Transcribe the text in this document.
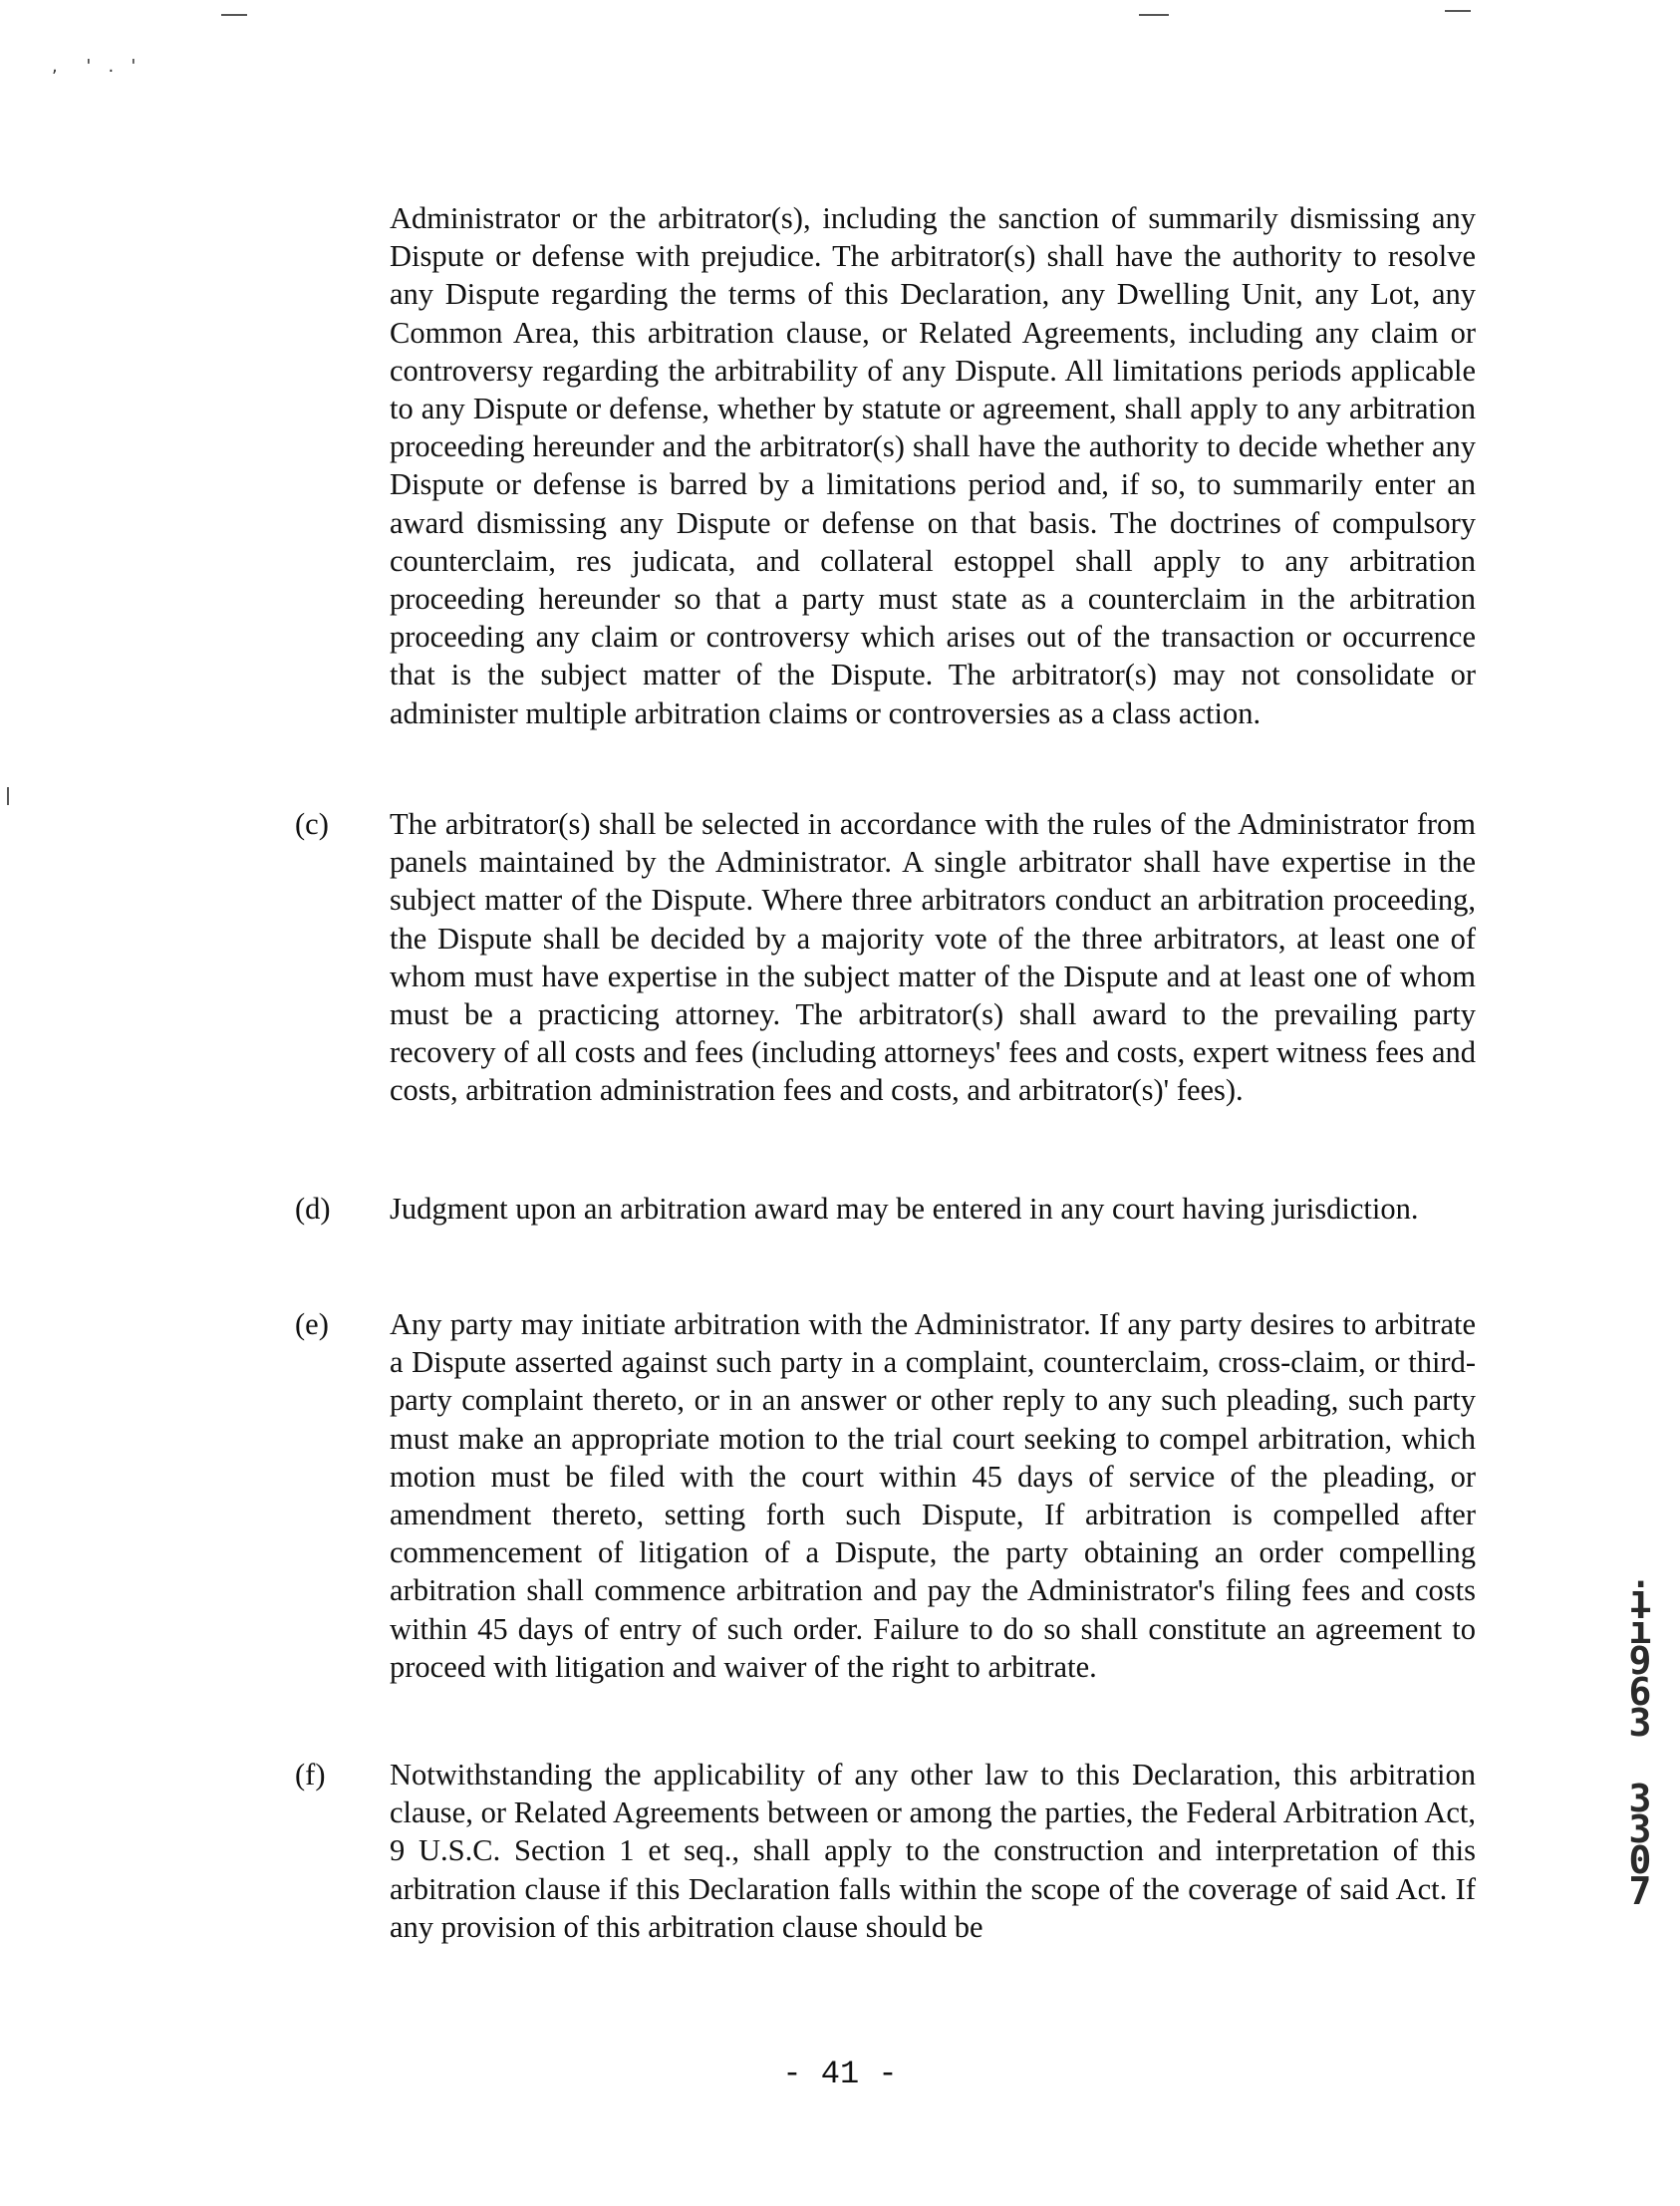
,     '   .   '
Administrator or the arbitrator(s), including the sanction of summarily dismissing any Dispute or defense with prejudice. The arbitrator(s) shall have the authority to resolve any Dispute regarding the terms of this Declaration, any Dwelling Unit, any Lot, any Common Area, this arbitration clause, or Related Agreements, including any claim or controversy regarding the arbitrability of any Dispute. All limitations periods applicable to any Dispute or defense, whether by statute or agreement, shall apply to any arbitration proceeding hereunder and the arbitrator(s) shall have the authority to decide whether any Dispute or defense is barred by a limitations period and, if so, to summarily enter an award dismissing any Dispute or defense on that basis. The doctrines of compulsory counterclaim, res judicata, and collateral estoppel shall apply to any arbitration proceeding hereunder so that a party must state as a counterclaim in the arbitration proceeding any claim or controversy which arises out of the transaction or occurrence that is the subject matter of the Dispute. The arbitrator(s) may not consolidate or administer multiple arbitration claims or controversies as a class action.
(c)	The arbitrator(s) shall be selected in accordance with the rules of the Administrator from panels maintained by the Administrator. A single arbitrator shall have expertise in the subject matter of the Dispute. Where three arbitrators conduct an arbitration proceeding, the Dispute shall be decided by a majority vote of the three arbitrators, at least one of whom must have expertise in the subject matter of the Dispute and at least one of whom must be a practicing attorney. The arbitrator(s) shall award to the prevailing party recovery of all costs and fees (including attorneys' fees and costs, expert witness fees and costs, arbitration administration fees and costs, and arbitrator(s)' fees).
(d)	Judgment upon an arbitration award may be entered in any court having jurisdiction.
(e)	Any party may initiate arbitration with the Administrator. If any party desires to arbitrate a Dispute asserted against such party in a complaint, counterclaim, cross-claim, or third-party complaint thereto, or in an answer or other reply to any such pleading, such party must make an appropriate motion to the trial court seeking to compel arbitration, which motion must be filed with the court within 45 days of service of the pleading, or amendment thereto, setting forth such Dispute, If arbitration is compelled after commencement of litigation of a Dispute, the party obtaining an order compelling arbitration shall commence arbitration and pay the Administrator's filing fees and costs within 45 days of entry of such order. Failure to do so shall constitute an agreement to proceed with litigation and waiver of the right to arbitrate.
(f)	Notwithstanding the applicability of any other law to this Declaration, this arbitration clause, or Related Agreements between or among the parties, the Federal Arbitration Act, 9 U.S.C. Section 1 et seq., shall apply to the construction and interpretation of this arbitration clause if this Declaration falls within the scope of the coverage of said Act. If any provision of this arbitration clause should be
i
i
9
6
3
3
3
0
7
- 41 -
